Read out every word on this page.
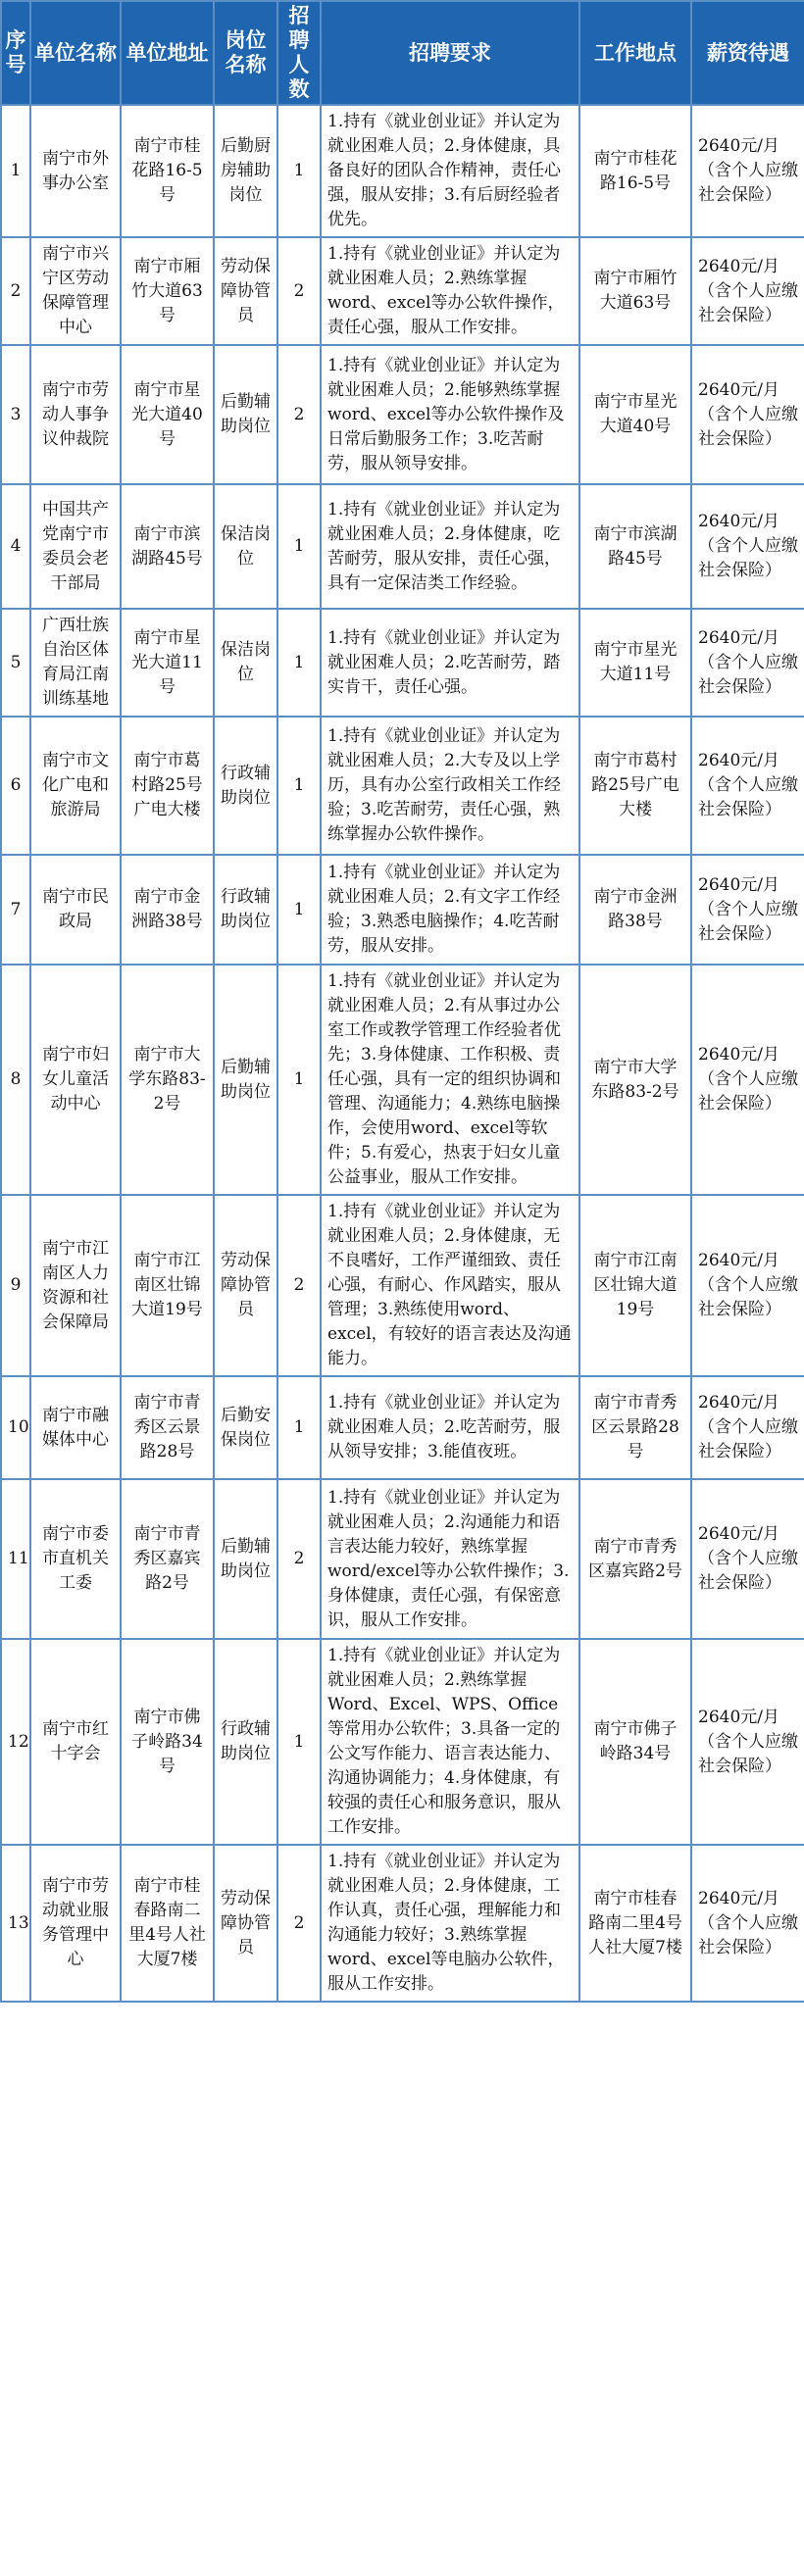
序号	单位名称	单位地址	岗位名称	招聘人数	招聘要求	工作地点	薪资待遇
1	南宁市外事办公室	南宁市桂花路16-5号	后勤厨房辅助岗位	1	1.持有《就业创业证》并认定为就业困难人员；2.身体健康，具备良好的团队合作精神，责任心强，服从安排；3.有后厨经验者优先。	南宁市桂花路16-5号	2640元/月（含个人应缴社会保险）
2	南宁市兴宁区劳动保障管理中心	南宁市厢竹大道63号	劳动保障协管员	2	1.持有《就业创业证》并认定为就业困难人员；2.熟练掌握word、excel等办公软件操作，责任心强，服从工作安排。	南宁市厢竹大道63号	2640元/月（含个人应缴社会保险）
3	南宁市劳动人事争议仲裁院	南宁市星光大道40号	后勤辅助岗位	2	1.持有《就业创业证》并认定为就业困难人员；2.能够熟练掌握word、excel等办公软件操作及日常后勤服务工作；3.吃苦耐劳，服从领导安排。	南宁市星光大道40号	2640元/月（含个人应缴社会保险）
4	中国共产党南宁市委员会老干部局	南宁市滨湖路45号	保洁岗位	1	1.持有《就业创业证》并认定为就业困难人员；2.身体健康，吃苦耐劳，服从安排，责任心强，具有一定保洁类工作经验。	南宁市滨湖路45号	2640元/月（含个人应缴社会保险）
5	广西壮族自治区体育局江南训练基地	南宁市星光大道11号	保洁岗位	1	1.持有《就业创业证》并认定为就业困难人员；2.吃苦耐劳，踏实肯干，责任心强。	南宁市星光大道11号	2640元/月（含个人应缴社会保险）
6	南宁市文化广电和旅游局	南宁市葛村路25号广电大楼	行政辅助岗位	1	1.持有《就业创业证》并认定为就业困难人员；2.大专及以上学历，具有办公室行政相关工作经验；3.吃苦耐劳，责任心强，熟练掌握办公软件操作。	南宁市葛村路25号广电大楼	2640元/月（含个人应缴社会保险）
7	南宁市民政局	南宁市金洲路38号	行政辅助岗位	1	1.持有《就业创业证》并认定为就业困难人员；2.有文字工作经验；3.熟悉电脑操作；4.吃苦耐劳，服从安排。	南宁市金洲路38号	2640元/月（含个人应缴社会保险）
8	南宁市妇女儿童活动中心	南宁市大学东路83-2号	后勤辅助岗位	1	1.持有《就业创业证》并认定为就业困难人员；2.有从事过办公室工作或教学管理工作经验者优先；3.身体健康、工作积极、责任心强，具有一定的组织协调和管理、沟通能力；4.熟练电脑操作，会使用word、excel等软件；5.有爱心，热衷于妇女儿童公益事业，服从工作安排。	南宁市大学东路83-2号	2640元/月（含个人应缴社会保险）
9	南宁市江南区人力资源和社会保障局	南宁市江南区壮锦大道19号	劳动保障协管员	2	1.持有《就业创业证》并认定为就业困难人员；2.身体健康，无不良嗜好，工作严谨细致、责任心强，有耐心、作风踏实，服从管理；3.熟练使用word、excel，有较好的语言表达及沟通能力。	南宁市江南区壮锦大道19号	2640元/月（含个人应缴社会保险）
10	南宁市融媒体中心	南宁市青秀区云景路28号	后勤安保岗位	1	1.持有《就业创业证》并认定为就业困难人员；2.吃苦耐劳，服从领导安排；3.能值夜班。	南宁市青秀区云景路28号	2640元/月（含个人应缴社会保险）
11	南宁市委市直机关工委	南宁市青秀区嘉宾路2号	后勤辅助岗位	2	1.持有《就业创业证》并认定为就业困难人员；2.沟通能力和语言表达能力较好，熟练掌握word/excel等办公软件操作；3.身体健康，责任心强，有保密意识，服从工作安排。	南宁市青秀区嘉宾路2号	2640元/月（含个人应缴社会保险）
12	南宁市红十字会	南宁市佛子岭路34号	行政辅助岗位	1	1.持有《就业创业证》并认定为就业困难人员；2.熟练掌握Word、Excel、WPS、Office等常用办公软件；3.具备一定的公文写作能力、语言表达能力、沟通协调能力；4.身体健康，有较强的责任心和服务意识，服从工作安排。	南宁市佛子岭路34号	2640元/月（含个人应缴社会保险）
13	南宁市劳动就业服务管理中心	南宁市桂春路南二里4号人社大厦7楼	劳动保障协管员	2	1.持有《就业创业证》并认定为就业困难人员；2.身体健康，工作认真，责任心强，理解能力和沟通能力较好；3.熟练掌握word、excel等电脑办公软件，服从工作安排。	南宁市桂春路南二里4号人社大厦7楼	2640元/月（含个人应缴社会保险）
